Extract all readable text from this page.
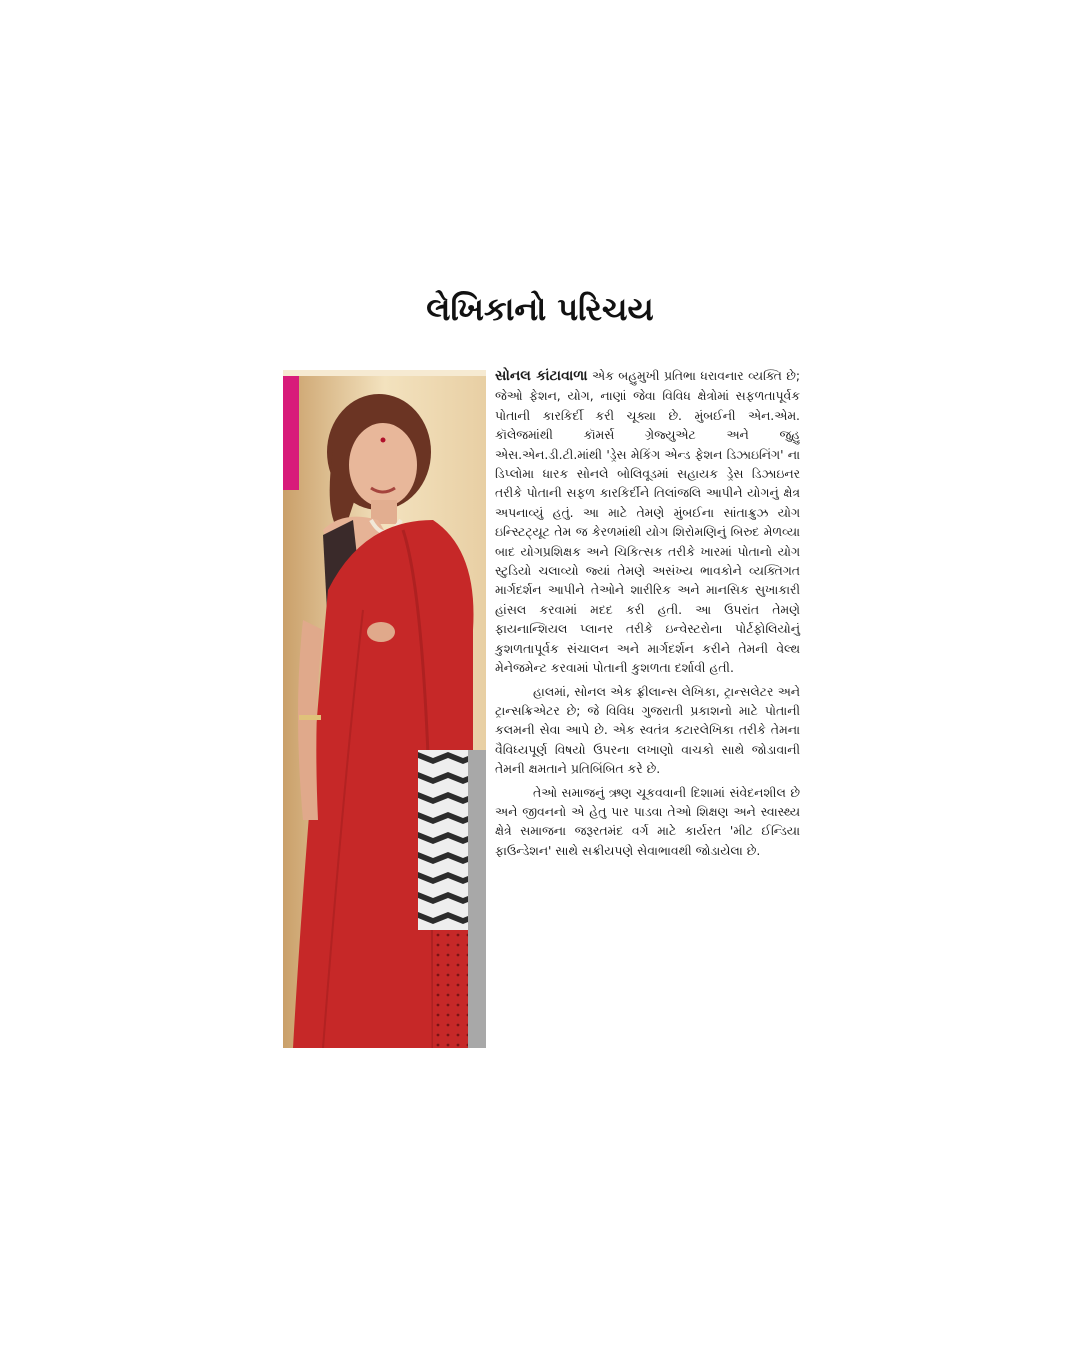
લેખિકાનો પરિચય

સોનલ કાંટાવાળા એક બહુમુખી પ્રતિભા ધરાવનાર વ્યક્તિ છે; જેઓ ફેશન, યોગ, નાણાં જેવા વિવિધ ક્ષેત્રોમાં સફળતાપૂર્વક પોતાની કારકિર્દી કરી ચૂક્યા છે. મુંબઈની એન.એમ. કૉલેજમાંથી કૉમર્સ ગ્રેજ્યુએટ અને જુહુ એસ.એન.ડી.ટી.માંથી 'ડ્રેસ મેકિંગ એન્ડ ફેશન ડિઝાઇનિંગ' ના ડિપ્લોમા ધારક સોનલે બોલિવૂડમાં સહાયક ડ્રેસ ડિઝાઇનર તરીકે પોતાની સફળ કારકિર્દીને તિલાંજલિ આપીને યોગનું ક્ષેત્ર અપનાવ્યું હતું. આ માટે તેમણે મુંબઈના સાંતાક્રુઝ યોગ ઇન્સ્ટિટ્યૂટ તેમ જ કેરળમાંથી યોગ શિરોમણિનું બિરુદ મેળવ્યા બાદ યોગપ્રશિક્ષક અને ચિકિત્સક તરીકે ખારમાં પોતાનો યોગ સ્ટુડિયો ચલાવ્યો જ્યાં તેમણે અસંખ્ય ભાવકોને વ્યક્તિગત માર્ગદર્શન આપીને તેઓને શારીરિક અને માનસિક સુખાકારી હાંસલ કરવામાં મદદ કરી હતી. આ ઉપરાંત તેમણે ફાયનાન્શિયલ પ્લાનર તરીકે ઇન્વેસ્ટરોના પોર્ટફોલિયોનું કુશળતાપૂર્વક સંચાલન અને માર્ગદર્શન કરીને તેમની વેલ્થ મેનેજમેન્ટ કરવામાં પોતાની કુશળતા દર્શાવી હતી.

હાલમાં, સોનલ એક ફ્રીલાન્સ લેખિકા, ટ્રાન્સલેટર અને ટ્રાન્સક્રિએટર છે; જે વિવિધ ગુજરાતી પ્રકાશનો માટે પોતાની કલમની સેવા આપે છે. એક સ્વતંત્ર કટારલેખિકા તરીકે તેમના વૈવિધ્યપૂર્ણ વિષયો ઉપરના લખાણો વાચકો સાથે જોડાવાની તેમની ક્ષમતાને પ્રતિબિંબિત કરે છે.

તેઓ સમાજનું ઋણ ચૂકવવાની દિશામાં સંવેદનશીલ છે અને જીવનનો એ હેતુ પાર પાડવા તેઓ શિક્ષણ અને સ્વાસ્થ્ય ક્ષેત્રે સમાજના જરૂરતમંદ વર્ગ માટે કાર્યરત 'મીટ ઈન્ડિયા ફાઉન્ડેશન' સાથે સક્રીયપણે સેવાભાવથી જોડાયેલા છે.
